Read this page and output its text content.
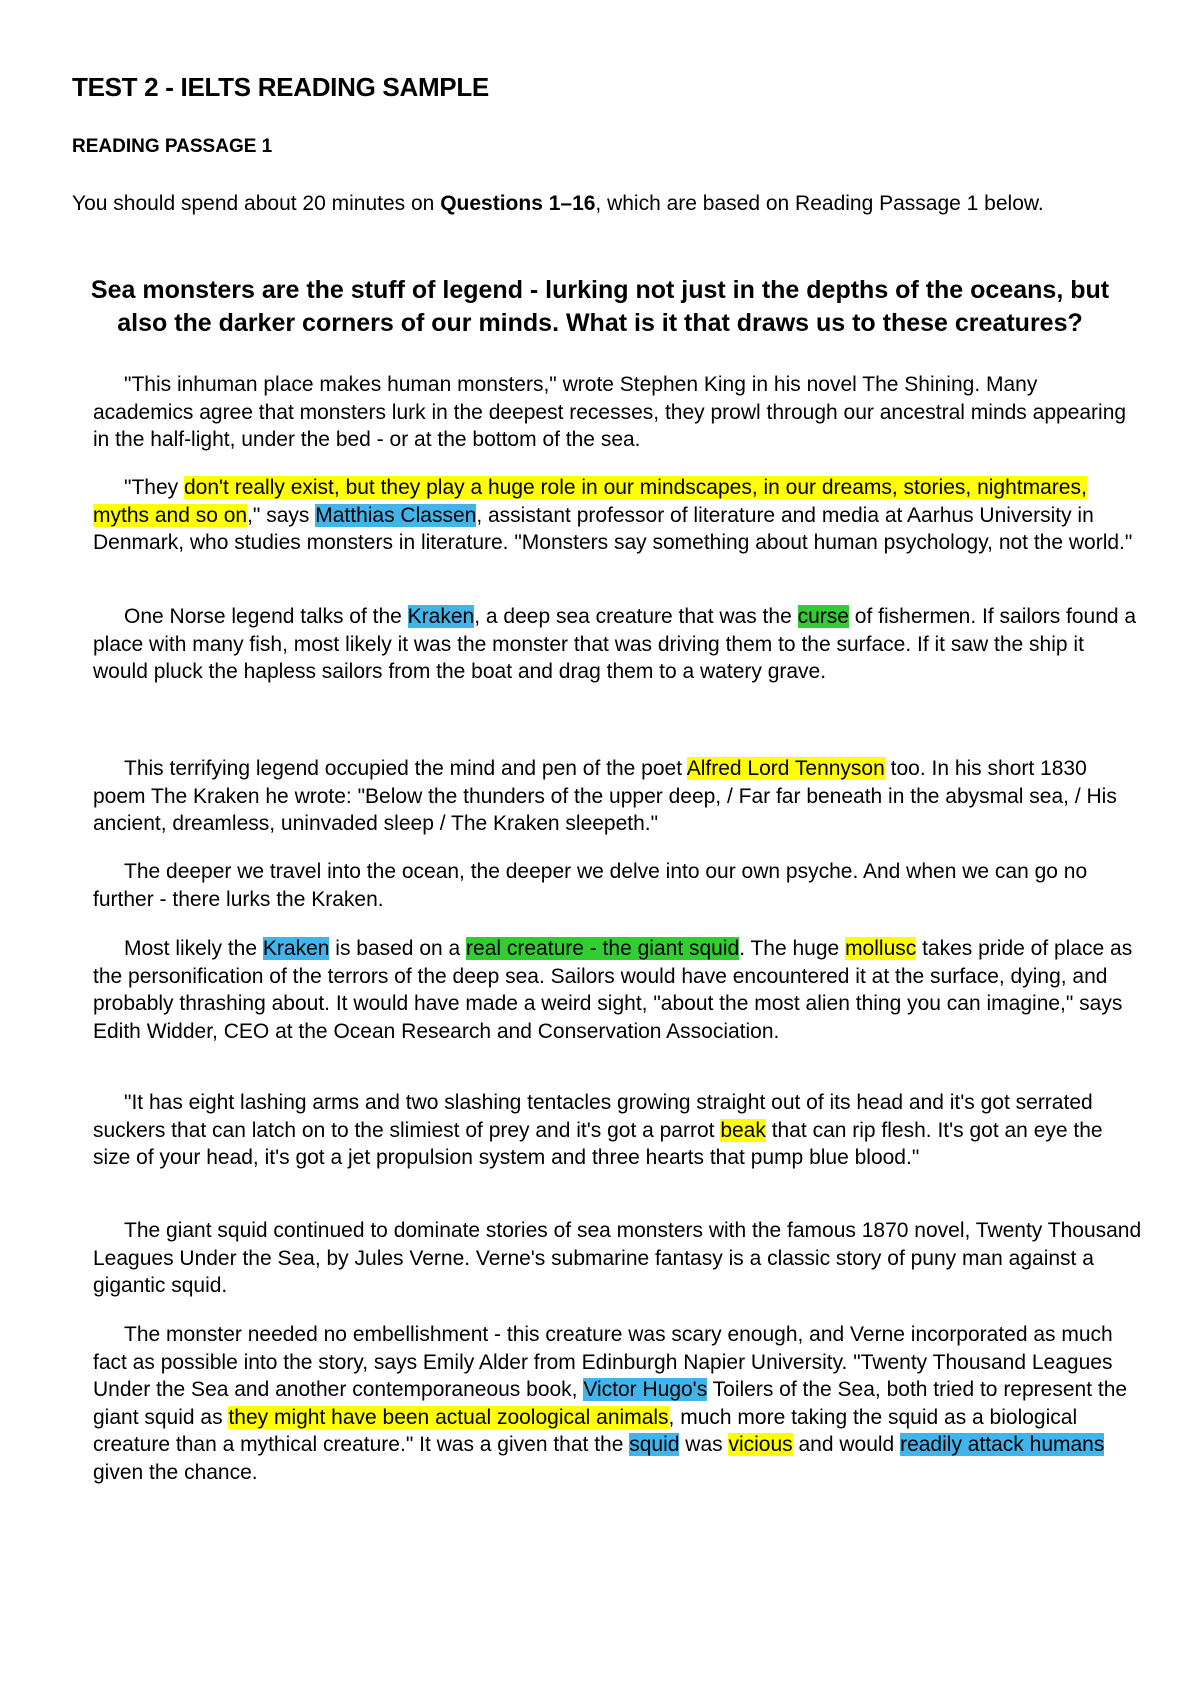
TEST 2 - IELTS READING SAMPLE
READING PASSAGE 1

You should spend about 20 minutes on Questions 1–16, which are based on Reading Passage 1 below.

Sea monsters are the stuff of legend - lurking not just in the depths of the oceans, but also the darker corners of our minds. What is it that draws us to these creatures?

"This inhuman place makes human monsters," wrote Stephen King in his novel The Shining. Many academics agree that monsters lurk in the deepest recesses, they prowl through our ancestral minds appearing in the half-light, under the bed - or at the bottom of the sea.

"They don't really exist, but they play a huge role in our mindscapes, in our dreams, stories, nightmares, myths and so on," says Matthias Classen, assistant professor of literature and media at Aarhus University in Denmark, who studies monsters in literature. "Monsters say something about human psychology, not the world."

One Norse legend talks of the Kraken, a deep sea creature that was the curse of fishermen. If sailors found a place with many fish, most likely it was the monster that was driving them to the surface. If it saw the ship it would pluck the hapless sailors from the boat and drag them to a watery grave.

This terrifying legend occupied the mind and pen of the poet Alfred Lord Tennyson too. In his short 1830 poem The Kraken he wrote: "Below the thunders of the upper deep, / Far far beneath in the abysmal sea, / His ancient, dreamless, uninvaded sleep / The Kraken sleepeth."

The deeper we travel into the ocean, the deeper we delve into our own psyche. And when we can go no further - there lurks the Kraken.

Most likely the Kraken is based on a real creature - the giant squid. The huge mollusc takes pride of place as the personification of the terrors of the deep sea. Sailors would have encountered it at the surface, dying, and probably thrashing about. It would have made a weird sight, "about the most alien thing you can imagine," says Edith Widder, CEO at the Ocean Research and Conservation Association.

"It has eight lashing arms and two slashing tentacles growing straight out of its head and it's got serrated suckers that can latch on to the slimiest of prey and it's got a parrot beak that can rip flesh. It's got an eye the size of your head, it's got a jet propulsion system and three hearts that pump blue blood."

The giant squid continued to dominate stories of sea monsters with the famous 1870 novel, Twenty Thousand Leagues Under the Sea, by Jules Verne. Verne's submarine fantasy is a classic story of puny man against a gigantic squid.

The monster needed no embellishment - this creature was scary enough, and Verne incorporated as much fact as possible into the story, says Emily Alder from Edinburgh Napier University. "Twenty Thousand Leagues Under the Sea and another contemporaneous book, Victor Hugo's Toilers of the Sea, both tried to represent the giant squid as they might have been actual zoological animals, much more taking the squid as a biological creature than a mythical creature." It was a given that the squid was vicious and would readily attack humans given the chance.
